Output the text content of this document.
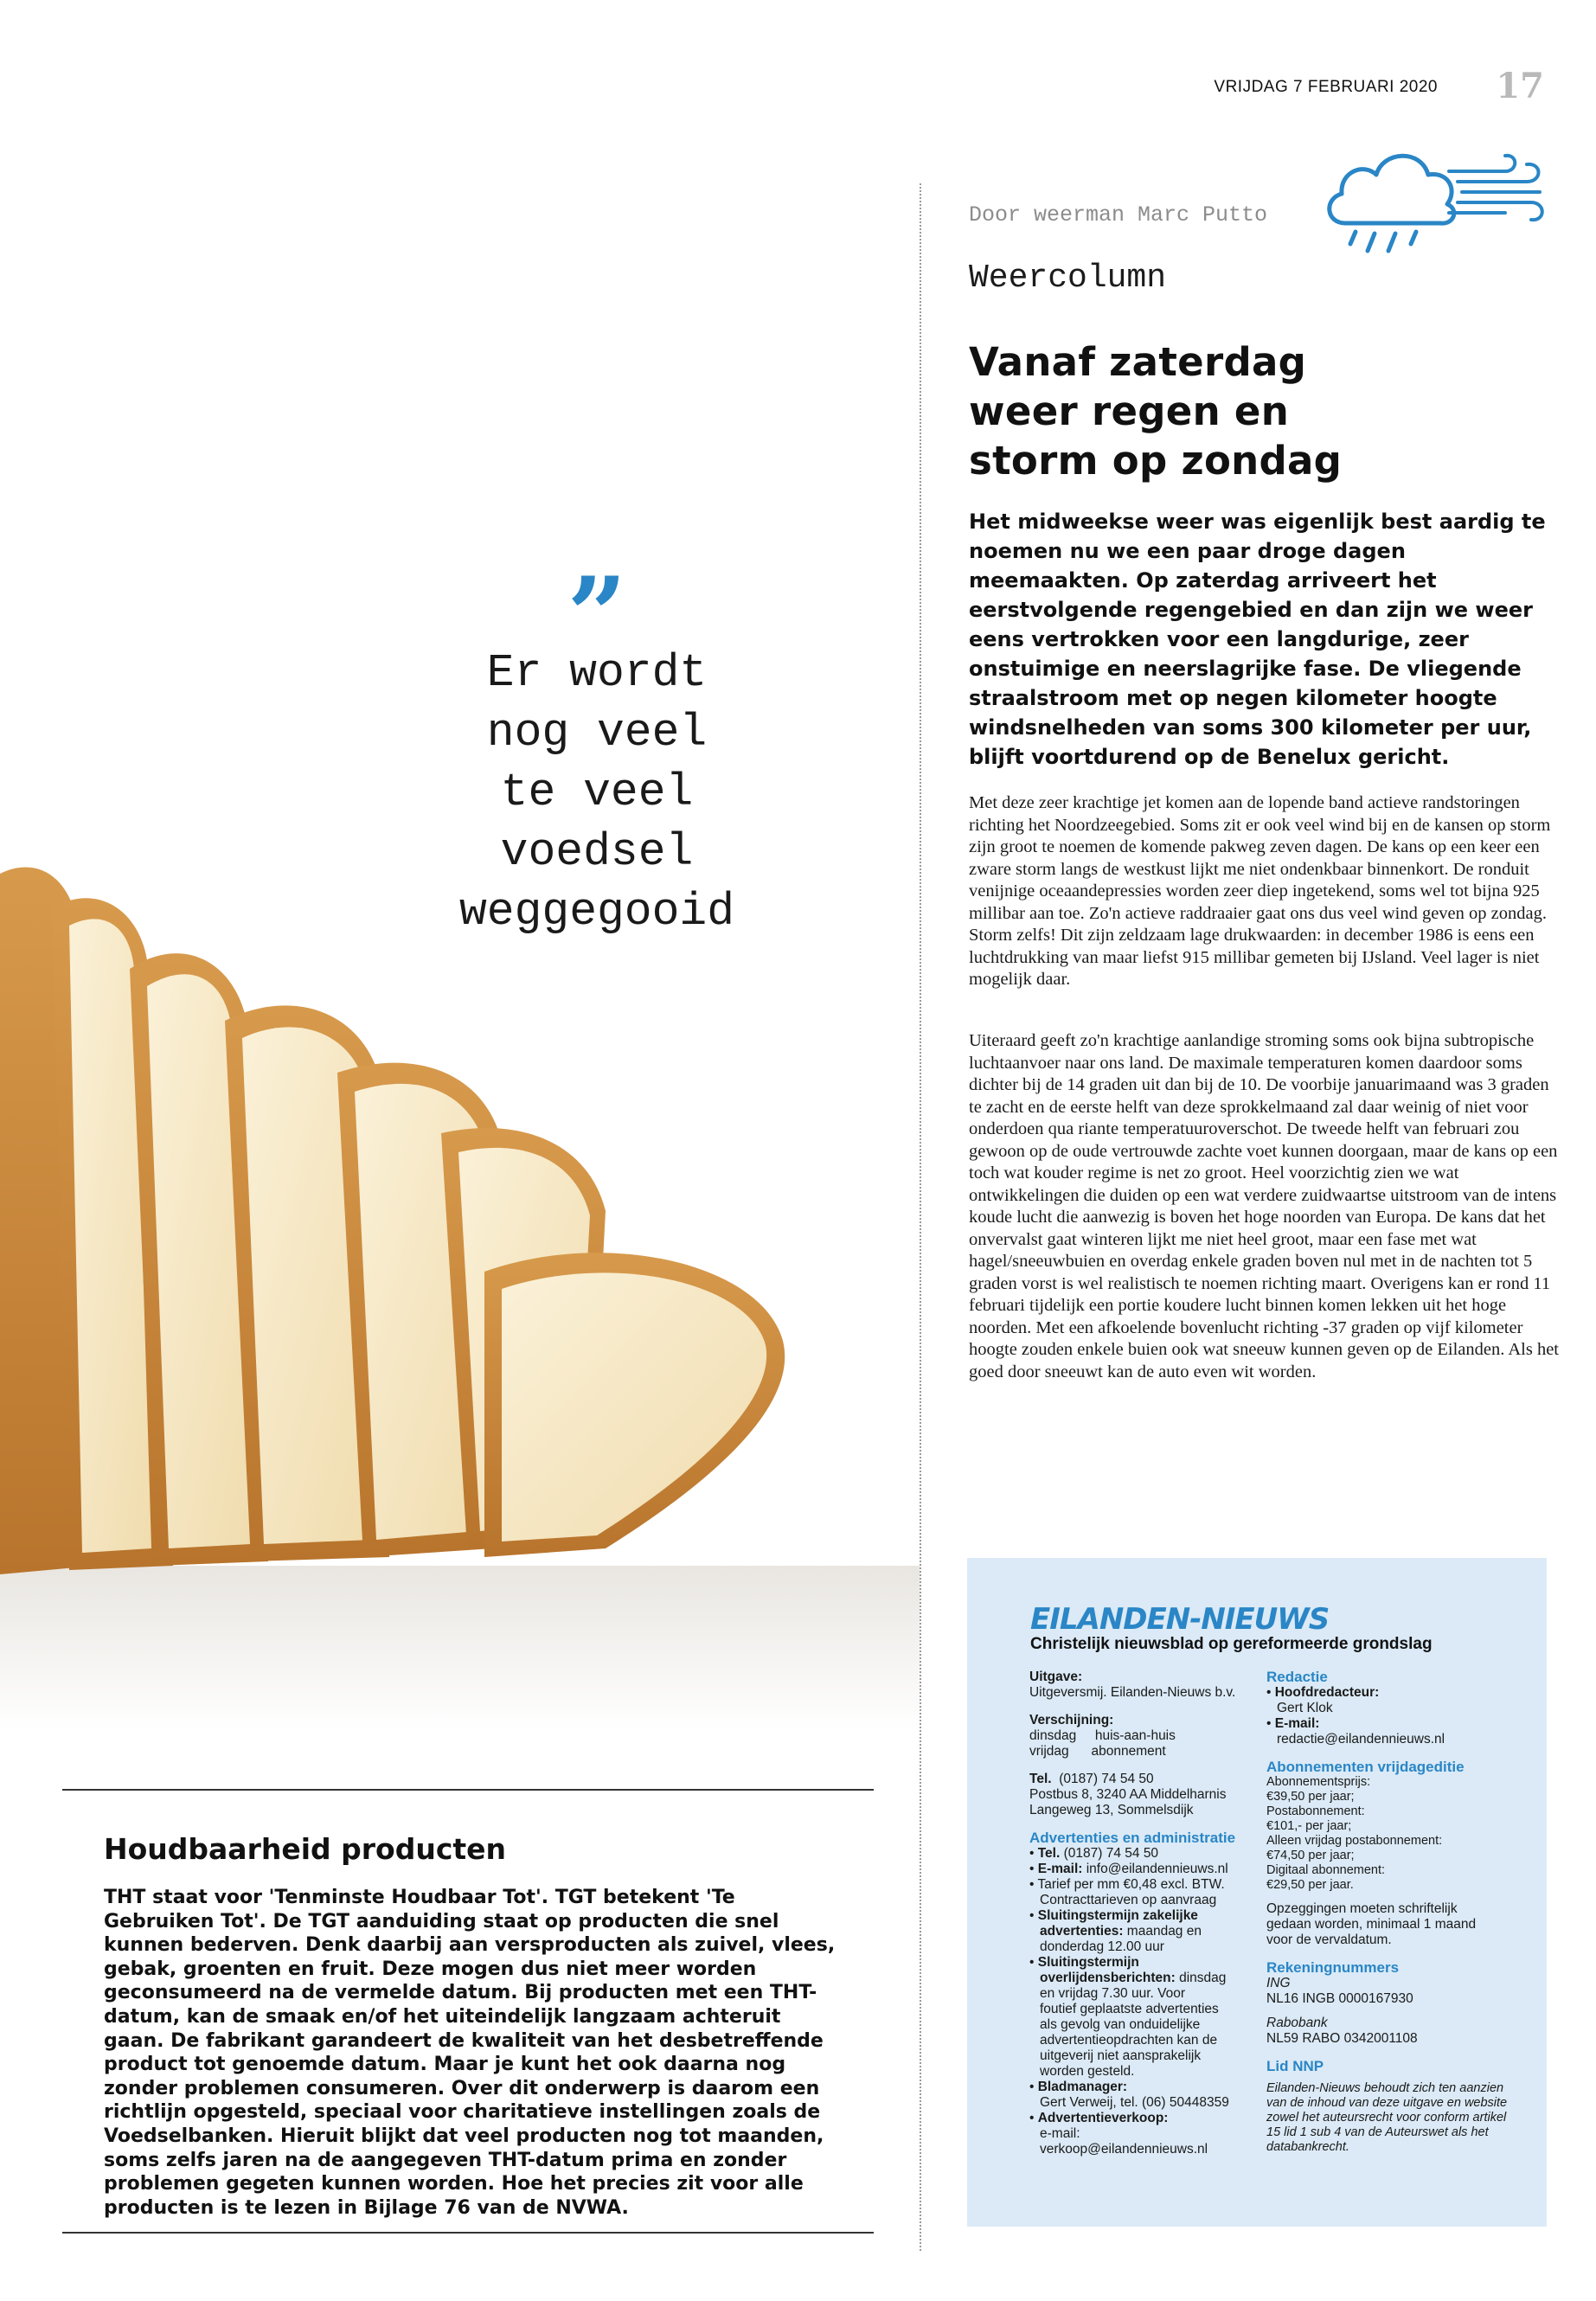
VRIJDAG 7 FEBRUARI 2020 17
Door weerman Marc Putto
Weercolumn
Vanaf zaterdag
weer regen en
storm op zondag
Het midweekse weer was eigenlijk best aardig te noemen nu we een paar droge dagen meemaakten. Op zaterdag arriveert het eerstvolgende regengebied en dan zijn we weer eens vertrokken voor een langdurige, zeer onstuimige en neerslagrijke fase. De vliegende straalstroom met op negen kilometer hoogte windsnelheden van soms 300 kilometer per uur, blijft voortdurend op de Benelux gericht.
Met deze zeer krachtige jet komen aan de lopende band actieve randstoringen richting het Noordzeegebied. Soms zit er ook veel wind bij en de kansen op storm zijn groot te noemen de komende pakweg zeven dagen. De kans op een keer een zware storm langs de westkust lijkt me niet ondenkbaar binnenkort. De ronduit venijnige oceaandepressies worden zeer diep ingetekend, soms wel tot bijna 925 millibar aan toe. Zo'n actieve raddraaier gaat ons dus veel wind geven op zondag. Storm zelfs! Dit zijn zeldzaam lage drukwaarden: in december 1986 is eens een luchtdrukking van maar liefst 915 millibar gemeten bij IJsland. Veel lager is niet mogelijk daar.
Uiteraard geeft zo'n krachtige aanlandige stroming soms ook bijna subtropische luchtaanvoer naar ons land. De maximale temperaturen komen daardoor soms dichter bij de 14 graden uit dan bij de 10. De voorbije januarimaand was 3 graden te zacht en de eerste helft van deze sprokkelmaand zal daar weinig of niet voor onderdoen qua riante temperatuuroverschot. De tweede helft van februari zou gewoon op de oude vertrouwde zachte voet kunnen doorgaan, maar de kans op een toch wat kouder regime is net zo groot. Heel voorzichtig zien we wat ontwikkelingen die duiden op een wat verdere zuidwaartse uitstroom van de intens koude lucht die aanwezig is boven het hoge noorden van Europa. De kans dat het onvervalst gaat winteren lijkt me niet heel groot, maar een fase met wat hagel/sneeuwbuien en overdag enkele graden boven nul met in de nachten tot 5 graden vorst is wel realistisch te noemen richting maart. Overigens kan er rond 11 februari tijdelijk een portie koudere lucht binnen komen lekken uit het hoge noorden. Met een afkoelende bovenlucht richting -37 graden op vijf kilometer hoogte zouden enkele buien ook wat sneeuw kunnen geven op de Eilanden. Als het goed door sneeuwt kan de auto even wit worden.
”
Er wordt
nog veel
te veel
voedsel
weggegooid
Houdbaarheid producten
THT staat voor 'Tenminste Houdbaar Tot'. TGT betekent 'Te Gebruiken Tot'. De TGT aanduiding staat op producten die snel kunnen bederven. Denk daarbij aan versproducten als zuivel, vlees, gebak, groenten en fruit. Deze mogen dus niet meer worden geconsumeerd na de vermelde datum. Bij producten met een THT-datum, kan de smaak en/of het uiteindelijk langzaam achteruit gaan. De fabrikant garandeert de kwaliteit van het desbetreffende product tot genoemde datum. Maar je kunt het ook daarna nog zonder problemen consumeren. Over dit onderwerp is daarom een richtlijn opgesteld, speciaal voor charitatieve instellingen zoals de Voedselbanken. Hieruit blijkt dat veel producten nog tot maanden, soms zelfs jaren na de aangegeven THT-datum prima en zonder problemen gegeten kunnen worden. Hoe het precies zit voor alle producten is te lezen in Bijlage 76 van de NVWA.
EILANDEN-NIEUWS
Christelijk nieuwsblad op gereformeerde grondslag
Uitgave:
Uitgeversmij. Eilanden-Nieuws b.v.
Verschijning:
dinsdag     huis-aan-huis
vrijdag      abonnement
Tel. (0187) 74 54 50
Postbus 8, 3240 AA Middelharnis
Langeweg 13, Sommelsdijk
Advertenties en administratie
• Tel. (0187) 74 54 50
• E-mail: info@eilandennieuws.nl
• Tarief per mm €0,48 excl. BTW.
Contracttarieven op aanvraag
• Sluitingstermijn zakelijke
advertenties: maandag en
donderdag 12.00 uur
• Sluitingstermijn
overlijdensberichten: dinsdag
en vrijdag 7.30 uur. Voor
foutief geplaatste advertenties
als gevolg van onduidelijke
advertentieopdrachten kan de
uitgeverij niet aansprakelijk
worden gesteld.
• Bladmanager:
Gert Verweij, tel. (06) 50448359
• Advertentieverkoop:
e-mail:
verkoop@eilandennieuws.nl
Redactie
• Hoofdredacteur:
Gert Klok
• E-mail:
redactie@eilandennieuws.nl
Abonnementen vrijdageditie
Abonnementsprijs:
€39,50 per jaar;
Postabonnement:
€101,- per jaar;
Alleen vrijdag postabonnement:
€74,50 per jaar;
Digitaal abonnement:
€29,50 per jaar.
Opzeggingen moeten schriftelijk
gedaan worden, minimaal 1 maand
voor de vervaldatum.
Rekeningnummers
ING
NL16 INGB 0000167930
Rabobank
NL59 RABO 0342001108
Lid NNP
Eilanden-Nieuws behoudt zich ten aanzien
van de inhoud van deze uitgave en website
zowel het auteursrecht voor conform artikel
15 lid 1 sub 4 van de Auteurswet als het
databankrecht.
